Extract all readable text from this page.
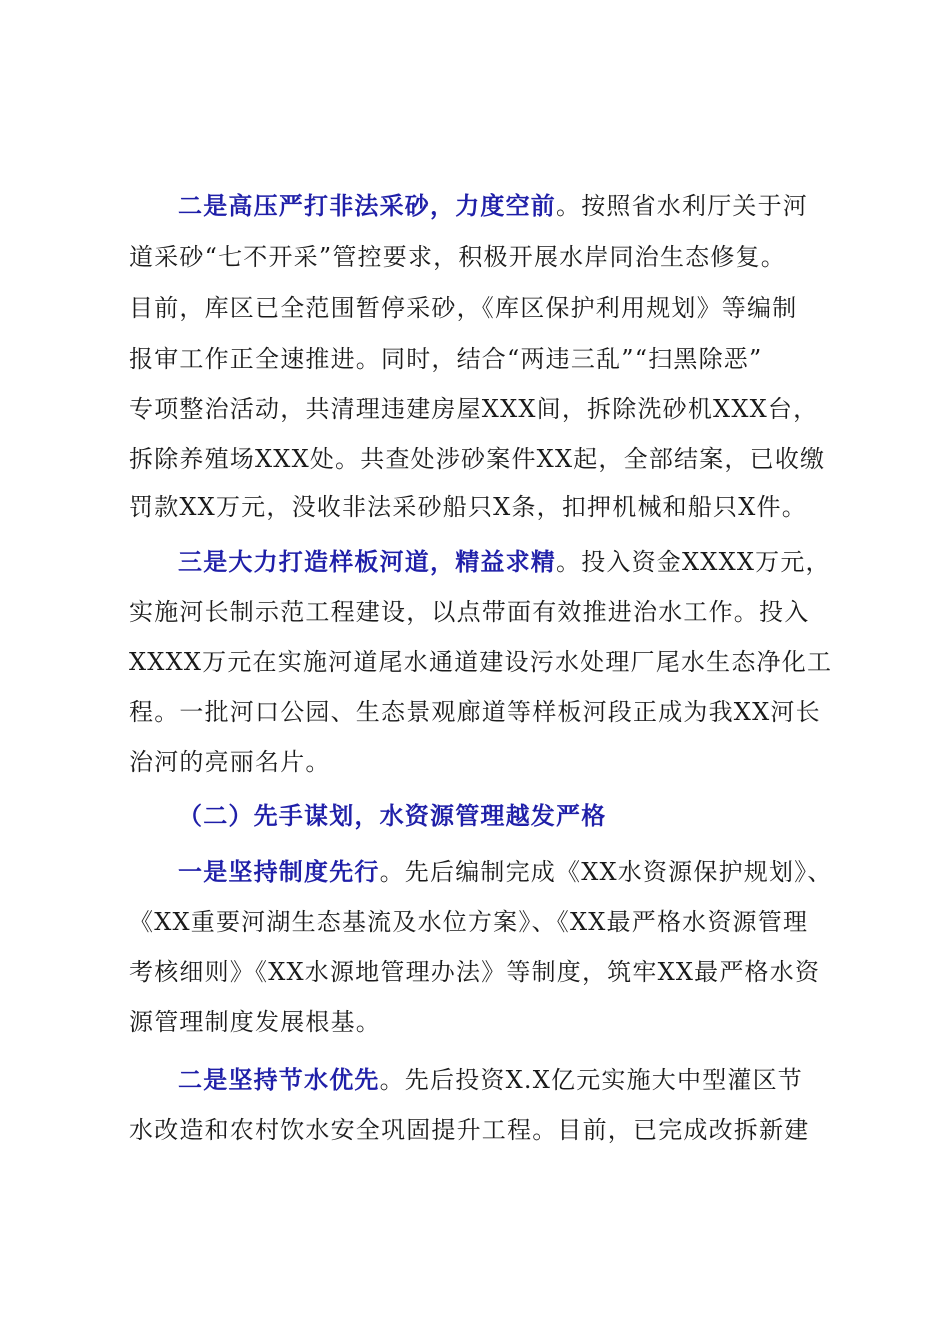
二是高压严打非法采砂，力度空前。按照省水利厅关于河
道采砂“七不开采”管控要求，积极开展水岸同治生态修复。
目前，库区已全范围暂停采砂，《库区保护利用规划》等编制
报审工作正全速推进。同时，结合“两违三乱”“扫黑除恶”
专项整治活动，共清理违建房屋XXX间，拆除洗砂机XXX台，
拆除养殖场XXX处。共查处涉砂案件XX起，全部结案，已收缴
罚款XX万元，没收非法采砂船只X条，扣押机械和船只X件。
三是大力打造样板河道，精益求精。投入资金XXXX万元，
实施河长制示范工程建设，以点带面有效推进治水工作。投入
XXXX万元在实施河道尾水通道建设污水处理厂尾水生态净化工
程。一批河口公园、生态景观廊道等样板河段正成为我XX河长
治河的亮丽名片。
（二）先手谋划，水资源管理越发严格
一是坚持制度先行。先后编制完成《XX水资源保护规划》、
《XX重要河湖生态基流及水位方案》、《XX最严格水资源管理
考核细则》《XX水源地管理办法》等制度，筑牢XX最严格水资
源管理制度发展根基。
二是坚持节水优先。先后投资X.X亿元实施大中型灌区节
水改造和农村饮水安全巩固提升工程。目前，已完成改拆新建
